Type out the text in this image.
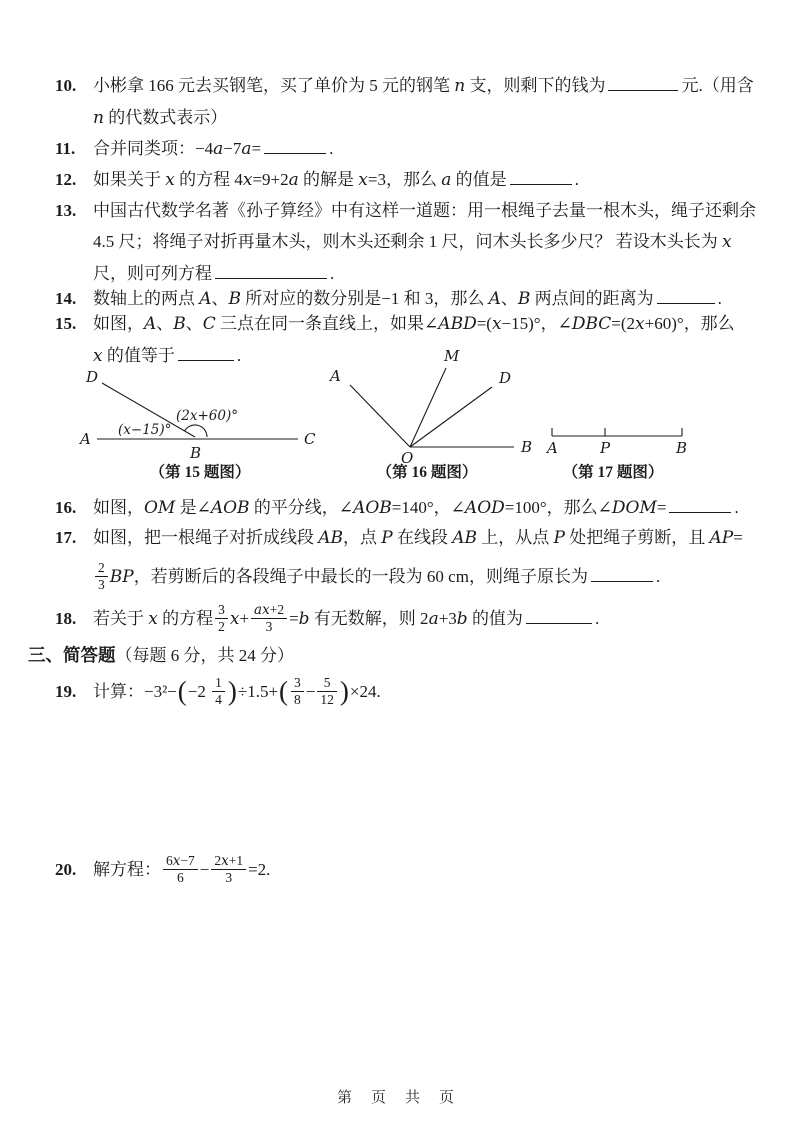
10. 小彬拿 166 元去买钢笔，买了单价为 5 元的钢笔 n 支，则剩下的钱为	元.（用含
n 的代数式表示）
11.	合并同类项：−4a−7a=	.
12. 如果关于 x 的方程 4x=9+2a 的解是 x=3，那么 a 的值是	.
13. 中国古代数学名著《孙子算经》中有这样一道题：用一根绳子去量一根木头，绳子还剩余
4.5 尺；将绳子对折再量木头，则木头还剩余 1 尺，问木头长多少尺？ 若设木头长为 x
尺，则可列方程	.
14. 数轴上的两点 A、B 所对应的数分别是−1 和 3，那么 A、B 两点间的距离为	.
15. 如图，A、B、C 三点在同一条直线上，如果∠ABD=(x−15)°，∠DBC=(2x+60)°，那么
x 的值等于	.
A	C
B
D
(x−15)°
(2x+60)°
（第 15 题图）
A
M
D
B
O
（第 16 题图）
A	P	B
（第 17 题图）
16. 如图，OM 是∠AOB 的平分线，∠AOB=140°，∠AOD=100°，那么∠DOM=	.
17. 如图，把一根绳子对折成线段 AB，点 P 在线段 AB 上，从点 P 处把绳子剪断，且 AP=
$\frac{2}{3}$ BP，若剪断后的各段绳子中最长的一段为 60 cm，则绳子原长为	.
18. 若关于 x 的方程 $\frac{3}{2} x+ \frac{ax+2}{3} =b$ 有无数解，则 2a+3b 的值为	.
三、简答题（每题 6 分，共 24 分）
19. 计算：$-3^2-(-2 \frac{1}{4} )\div 1.5+( \frac{3}{8} - \frac{5}{12} )\times 24$.
20. 解方程： $\frac{6x-7}{6} - \frac{2x+1}{3} =2$.
第　页　共　页
